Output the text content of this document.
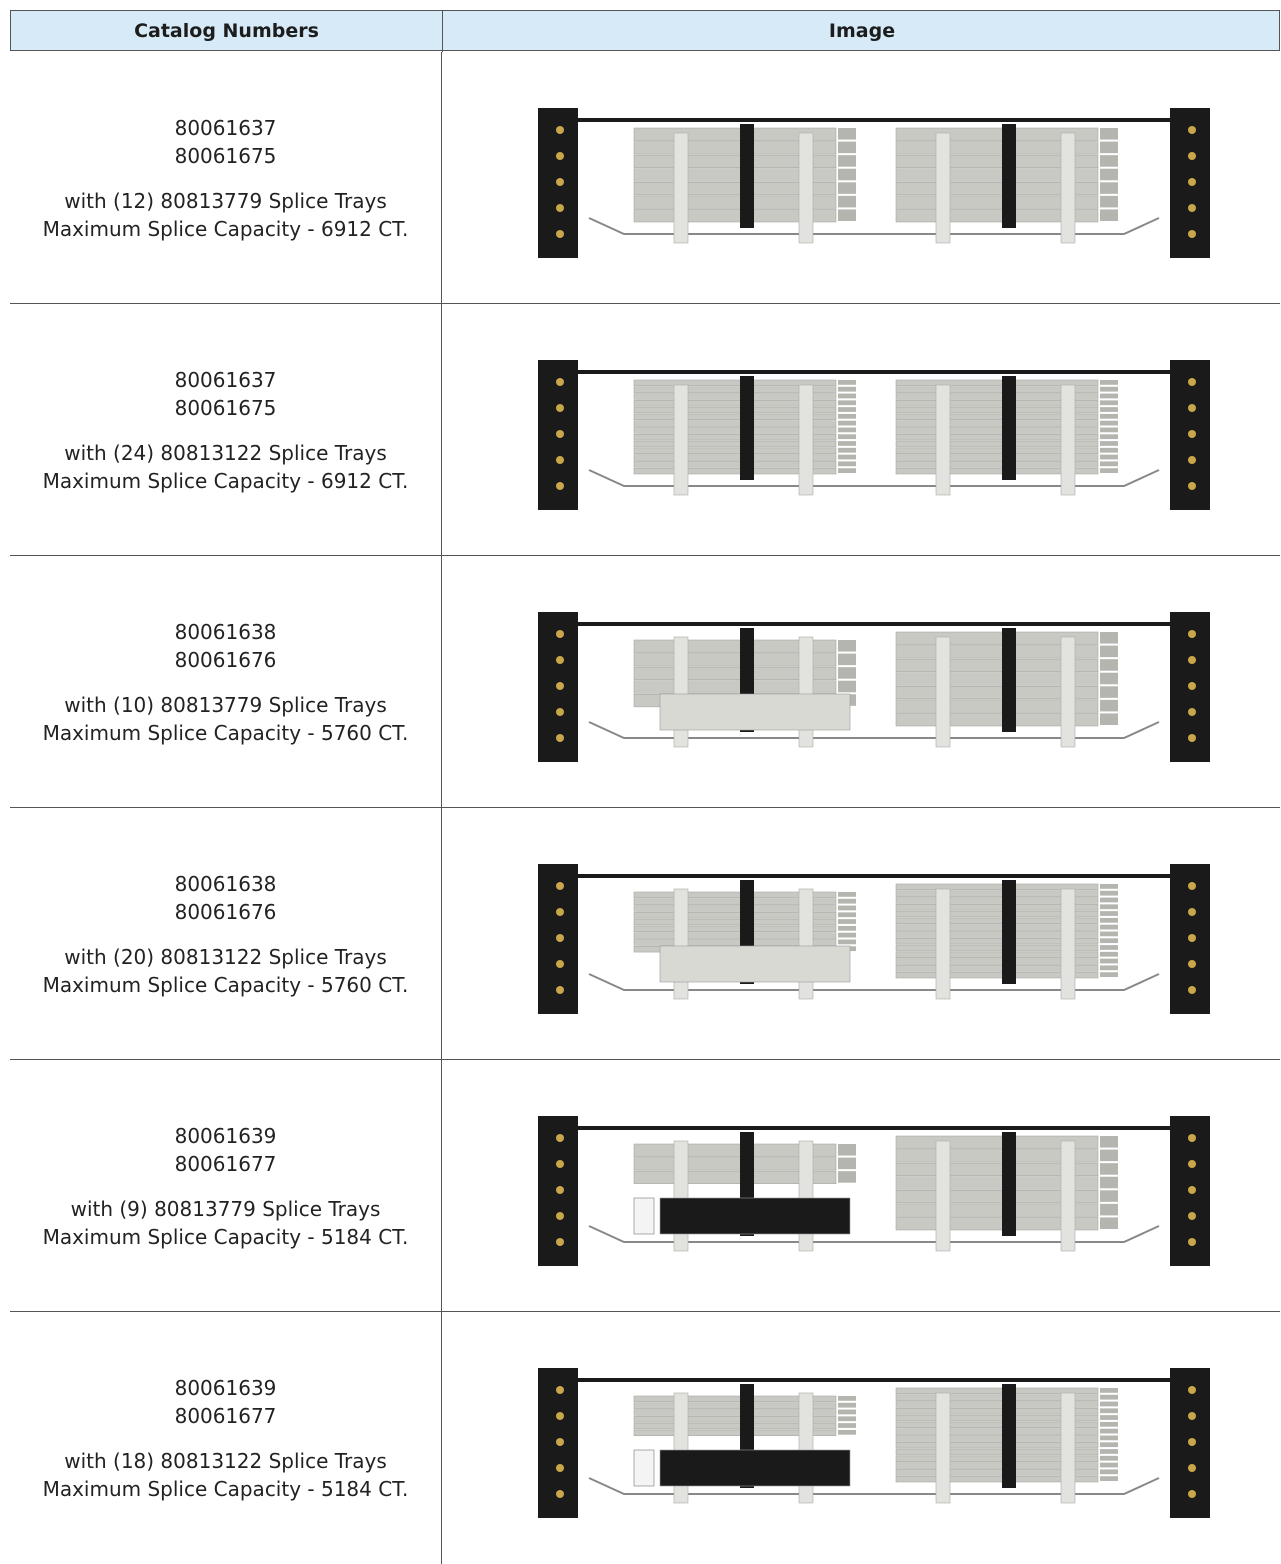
Catalog Numbers	Image
80061637
80061675
with (12) 80813779 Splice Trays
Maximum Splice Capacity - 6912 CT.
80061637
80061675
with (24) 80813122 Splice Trays
Maximum Splice Capacity - 6912 CT.
80061638
80061676
with (10) 80813779 Splice Trays
Maximum Splice Capacity - 5760 CT.
80061638
80061676
with (20) 80813122 Splice Trays
Maximum Splice Capacity - 5760 CT.
80061639
80061677
with (9) 80813779 Splice Trays
Maximum Splice Capacity - 5184 CT.
80061639
80061677
with (18) 80813122 Splice Trays
Maximum Splice Capacity - 5184 CT.
